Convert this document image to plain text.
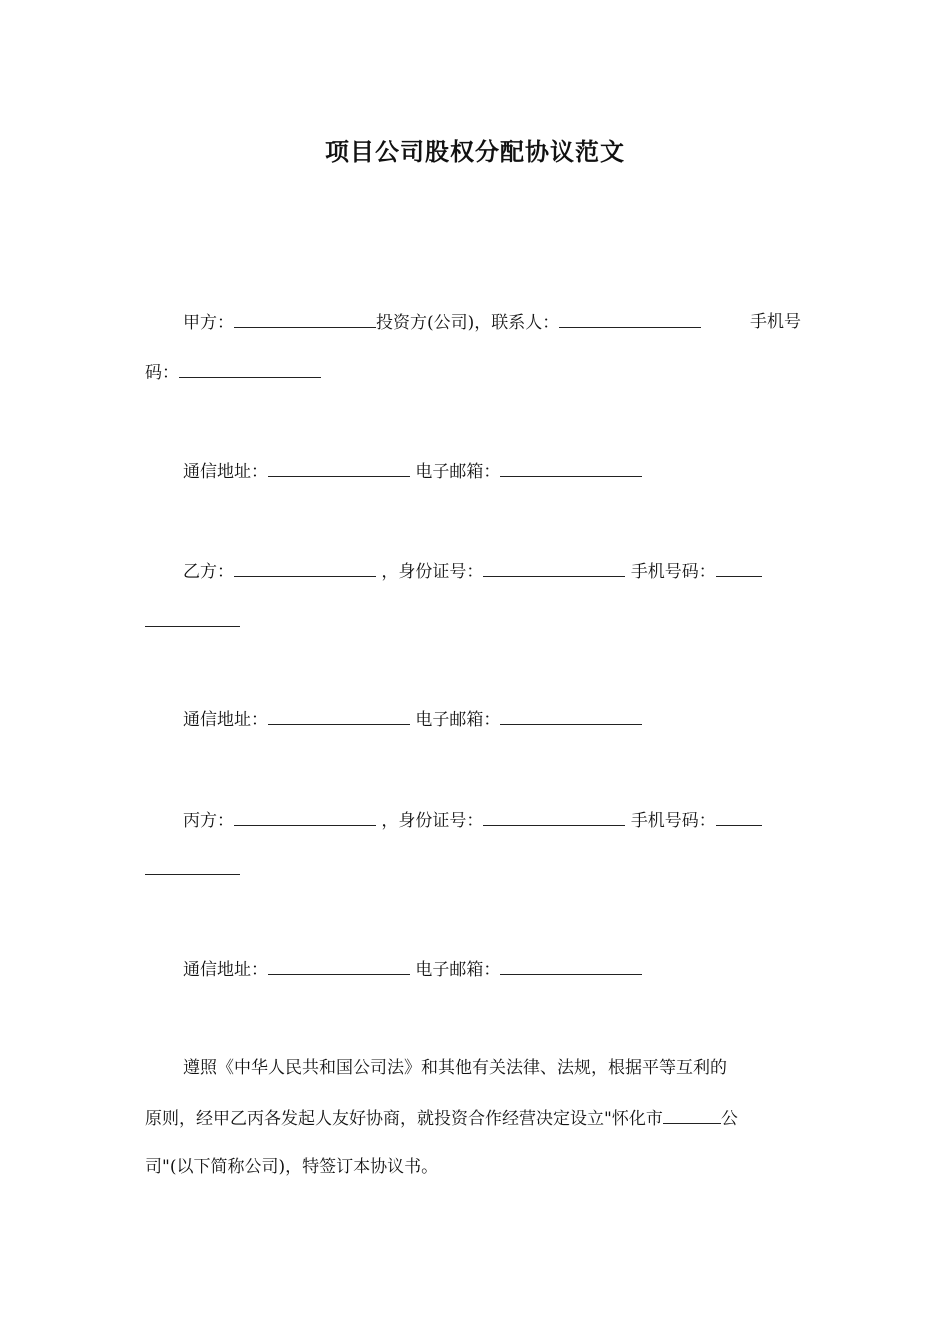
项目公司股权分配协议范文
甲方：	投资方(公司)，联系人：	手机号
码：
通信地址：	电子邮箱：
乙方：	，身份证号：	手机号码：
通信地址：	电子邮箱：
丙方：	，身份证号：	手机号码：
通信地址：	电子邮箱：
遵照《中华人民共和国公司法》和其他有关法律、法规，根据平等互利的
原则，经甲乙丙各发起人友好协商，就投资合作经营决定设立"怀化市	公
司"(以下简称公司)，特签订本协议书。
